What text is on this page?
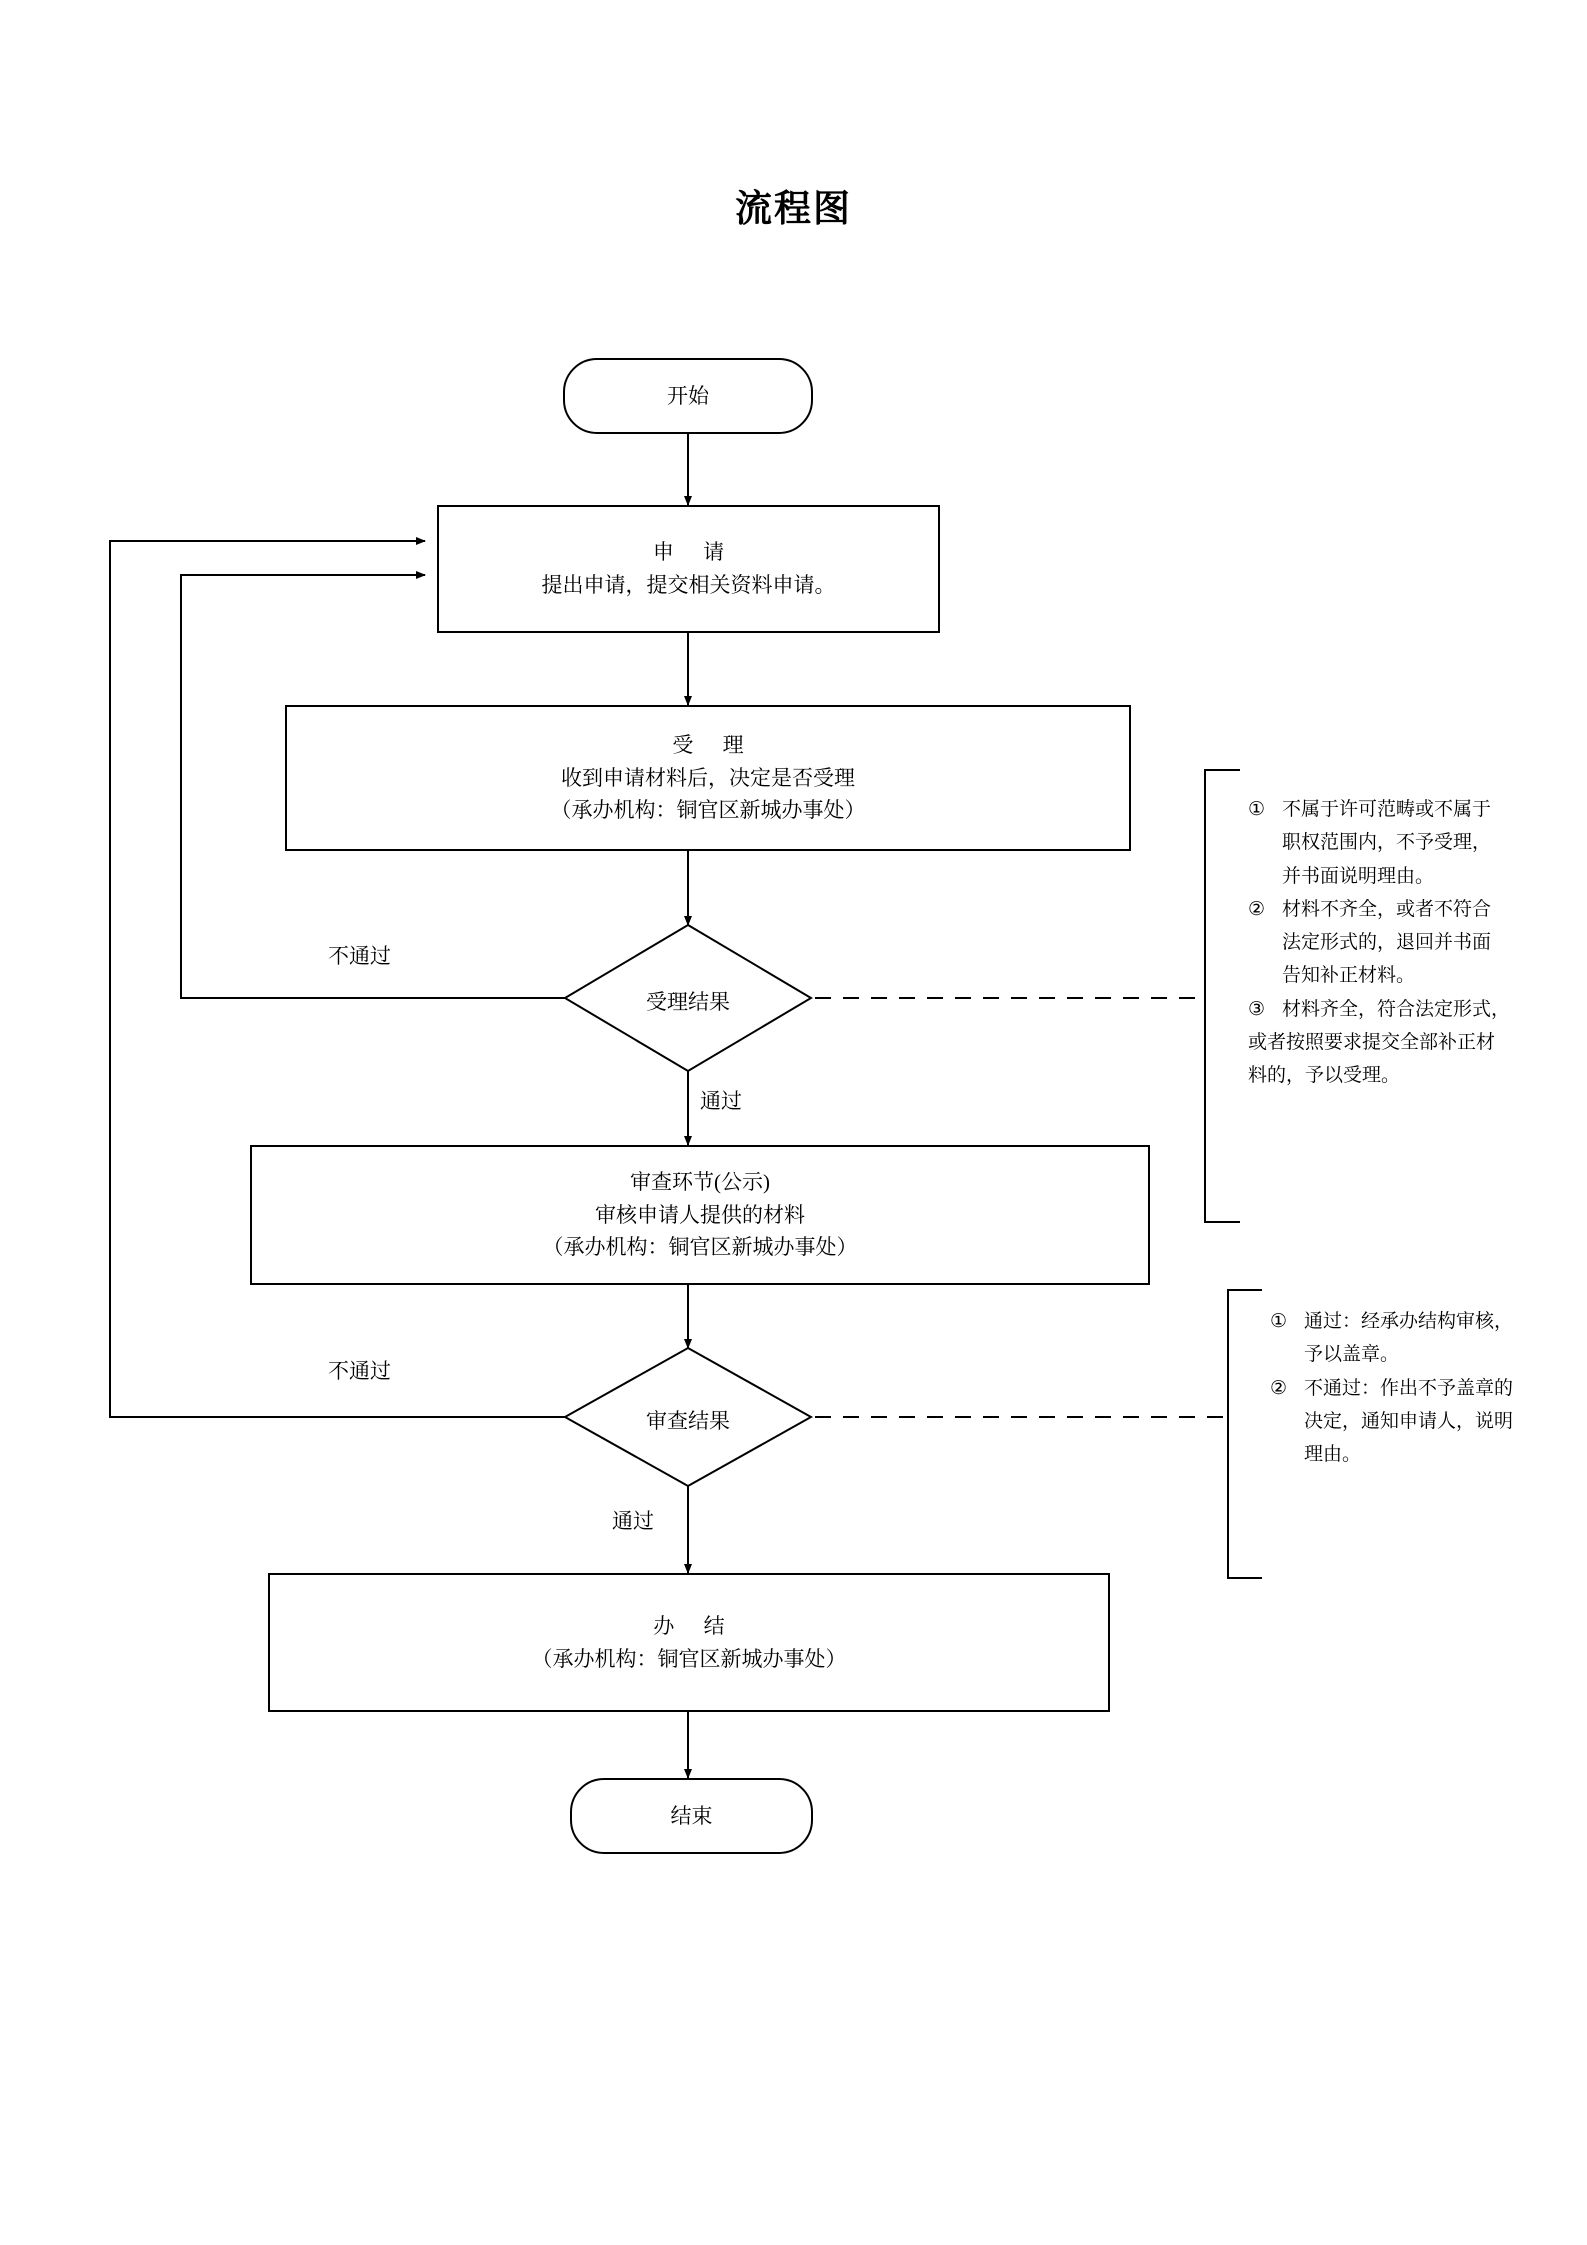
流程图
开始
申 请
提出申请，提交相关资料申请。
受 理
收到申请材料后，决定是否受理
（承办机构：铜官区新城办事处）
受理结果
审查环节(公示)
审核申请人提供的材料
（承办机构：铜官区新城办事处）
审查结果
办 结
（承办机构：铜官区新城办事处）
结束
不通过
通过
不通过
通过
① 不属于许可范畴或不属于
职权范围内，不予受理，
并书面说明理由。
② 材料不齐全，或者不符合
法定形式的，退回并书面
告知补正材料。
③ 材料齐全，符合法定形式，
或者按照要求提交全部补正材
料的，予以受理。
① 通过：经承办结构审核，
予以盖章。
② 不通过：作出不予盖章的
决定，通知申请人，说明
理由。
